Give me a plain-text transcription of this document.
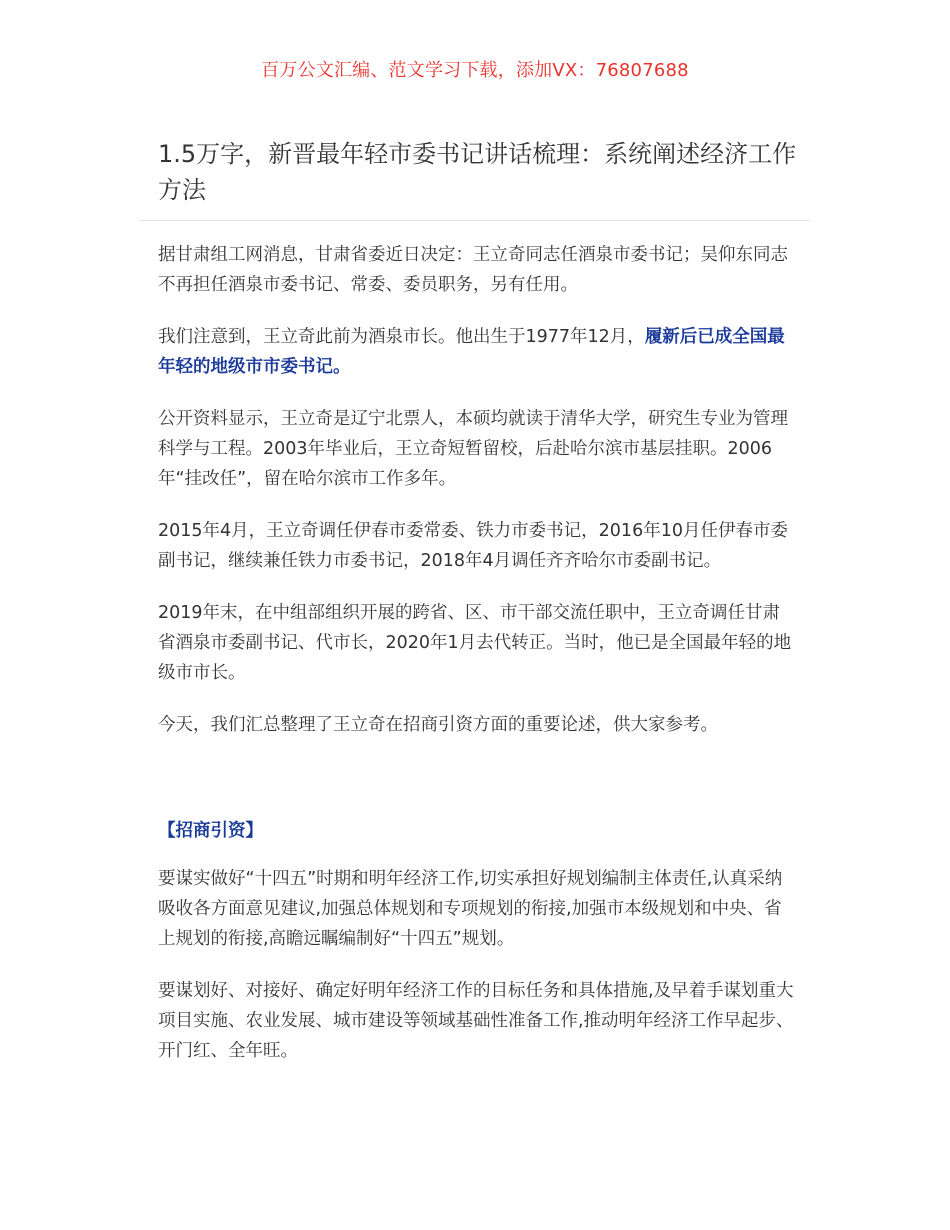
百万公文汇编、范文学习下载，添加VX：76807688
1.5万字，新晋最年轻市委书记讲话梳理：系统阐述经济工作方法

据甘肃组工网消息，甘肃省委近日决定：王立奇同志任酒泉市委书记；吴仰东同志不再担任酒泉市委书记、常委、委员职务，另有任用。

我们注意到，王立奇此前为酒泉市长。他出生于1977年12月，履新后已成全国最年轻的地级市市委书记。

公开资料显示，王立奇是辽宁北票人，本硕均就读于清华大学，研究生专业为管理科学与工程。2003年毕业后，王立奇短暂留校，后赴哈尔滨市基层挂职。2006年“挂改任”，留在哈尔滨市工作多年。

2015年4月，王立奇调任伊春市委常委、铁力市委书记，2016年10月任伊春市委副书记，继续兼任铁力市委书记，2018年4月调任齐齐哈尔市委副书记。

2019年末，在中组部组织开展的跨省、区、市干部交流任职中，王立奇调任甘肃省酒泉市委副书记、代市长，2020年1月去代转正。当时，他已是全国最年轻的地级市市长。

今天，我们汇总整理了王立奇在招商引资方面的重要论述，供大家参考。

【招商引资】

要谋实做好“十四五”时期和明年经济工作,切实承担好规划编制主体责任,认真采纳吸收各方面意见建议,加强总体规划和专项规划的衔接,加强市本级规划和中央、省上规划的衔接,高瞻远瞩编制好“十四五”规划。

要谋划好、对接好、确定好明年经济工作的目标任务和具体措施,及早着手谋划重大项目实施、农业发展、城市建设等领域基础性准备工作,推动明年经济工作早起步、开门红、全年旺。
